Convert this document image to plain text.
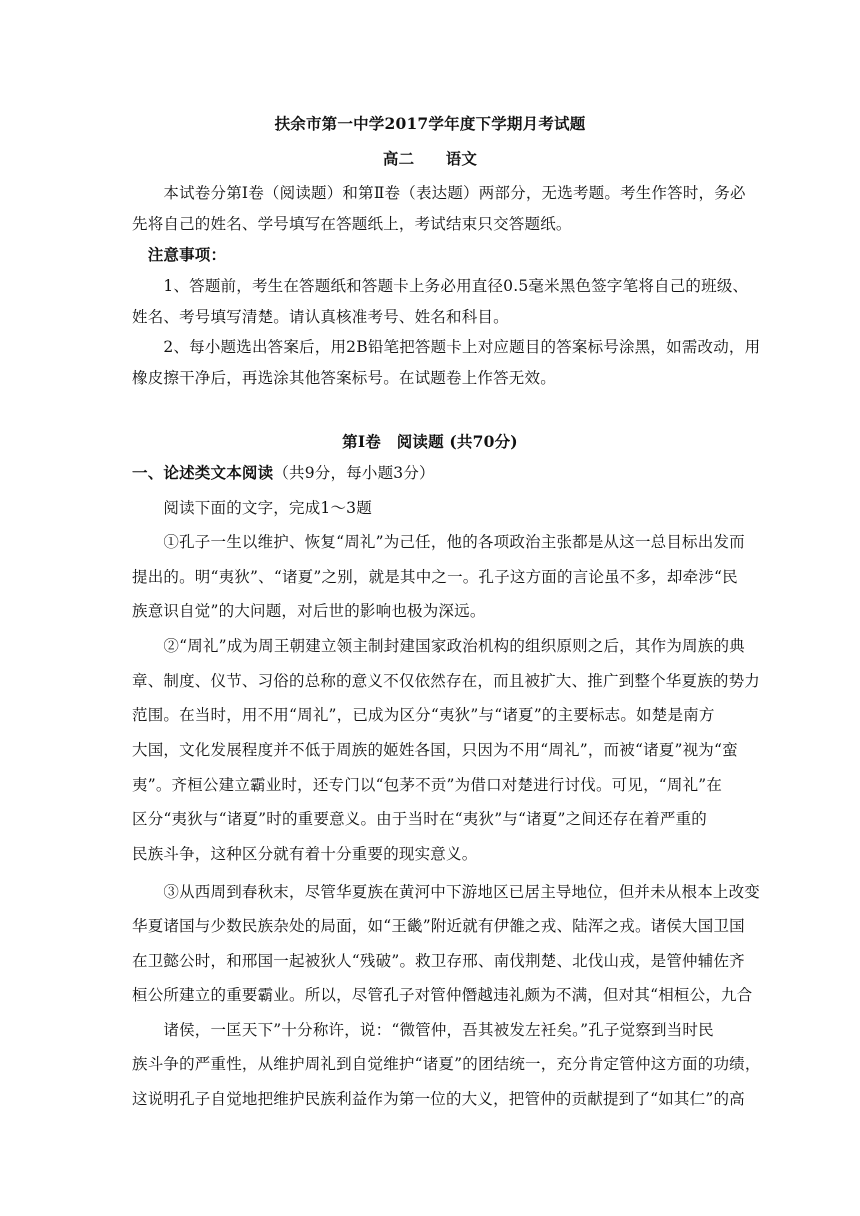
扶余市第一中学2017学年度下学期月考试题
高二　　语文
　　本试卷分第Ⅰ卷（阅读题）和第Ⅱ卷（表达题）两部分，无选考题。考生作答时，务必
先将自己的姓名、学号填写在答题纸上，考试结束只交答题纸。
　注意事项：
　　1、答题前，考生在答题纸和答题卡上务必用直径0.5毫米黑色签字笔将自己的班级、
姓名、考号填写清楚。请认真核准考号、姓名和科目。
　　2、每小题选出答案后，用2B铅笔把答题卡上对应题目的答案标号涂黑，如需改动，用
橡皮擦干净后，再选涂其他答案标号。在试题卷上作答无效。
第Ⅰ卷　阅读题 (共70分)
一、论述类文本阅读（共9分，每小题3分）
　　阅读下面的文字，完成1～3题
　　①孔子一生以维护、恢复“周礼”为己任，他的各项政治主张都是从这一总目标出发而
提出的。明“夷狄”、“诸夏”之别，就是其中之一。孔子这方面的言论虽不多，却牵涉“民
族意识自觉”的大问题，对后世的影响也极为深远。
　　②“周礼”成为周王朝建立领主制封建国家政治机构的组织原则之后，其作为周族的典
章、制度、仪节、习俗的总称的意义不仅依然存在，而且被扩大、推广到整个华夏族的势力
范围。在当时，用不用“周礼”，已成为区分“夷狄”与“诸夏”的主要标志。如楚是南方
大国，文化发展程度并不低于周族的姬姓各国，只因为不用“周礼”，而被“诸夏”视为“蛮
夷”。齐桓公建立霸业时，还专门以“包茅不贡”为借口对楚进行讨伐。可见，“周礼”在
区分“夷狄与“诸夏”时的重要意义。由于当时在“夷狄”与“诸夏”之间还存在着严重的
民族斗争，这种区分就有着十分重要的现实意义。
　　③从西周到春秋末，尽管华夏族在黄河中下游地区已居主导地位，但并未从根本上改变
华夏诸国与少数民族杂处的局面，如“王畿”附近就有伊雒之戎、陆浑之戎。诸侯大国卫国
在卫懿公时，和邢国一起被狄人“残破”。救卫存邢、南伐荆楚、北伐山戎，是管仲辅佐齐
桓公所建立的重要霸业。所以，尽管孔子对管仲僭越违礼颇为不满，但对其“相桓公，九合
　　诸侯，一匡天下”十分称许，说：“微管仲，吾其被发左衽矣。”孔子觉察到当时民
族斗争的严重性，从维护周礼到自觉维护“诸夏”的团结统一，充分肯定管仲这方面的功绩，
这说明孔子自觉地把维护民族利益作为第一位的大义，把管仲的贡献提到了“如其仁”的高
